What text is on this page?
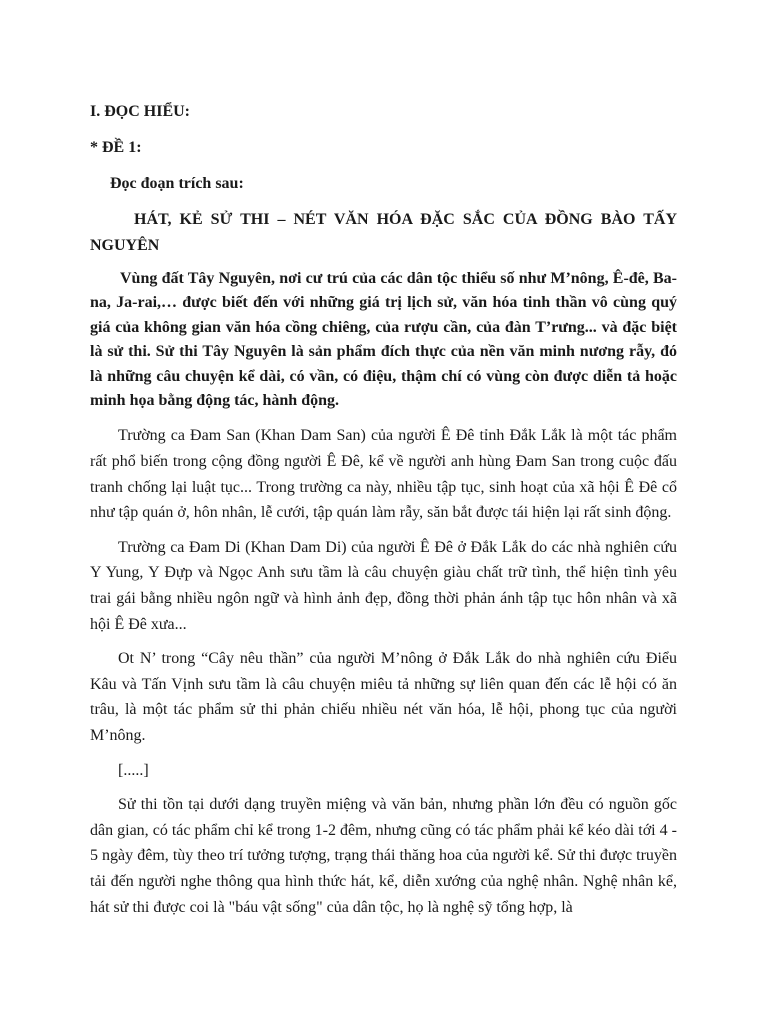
I. ĐỌC HIỂU:

* ĐỀ 1:

Đọc đoạn trích sau:

HÁT, KẺ SỬ THI – NÉT VĂN HÓA ĐẶC SẮC CỦA ĐỒNG BÀO TẤY NGUYÊN

Vùng đất Tây Nguyên, nơi cư trú của các dân tộc thiểu số như M’nông, Ê-đê, Ba-na, Ja-rai,… được biết đến với những giá trị lịch sử, văn hóa tinh thần vô cùng quý giá của không gian văn hóa cồng chiêng, của rượu cần, của đàn T’rưng... và đặc biệt là sử thi. Sử thi Tây Nguyên là sản phẩm đích thực của nền văn minh nương rẫy, đó là những câu chuyện kể dài, có vần, có điệu, thậm chí có vùng còn được diễn tả hoặc minh họa bằng động tác, hành động.

Trường ca Đam San (Khan Dam San) của người Ê Đê tỉnh Đắk Lắk là một tác phẩm rất phổ biến trong cộng đồng người Ê Đê, kể về người anh hùng Đam San trong cuộc đấu tranh chống lại luật tục... Trong trường ca này, nhiều tập tục, sinh hoạt của xã hội Ê Đê cổ như tập quán ở, hôn nhân, lễ cưới, tập quán làm rẫy, săn bắt được tái hiện lại rất sinh động.

Trường ca Đam Di (Khan Dam Di) của người Ê Đê ở Đắk Lắk do các nhà nghiên cứu Y Yung, Y Đựp và Ngọc Anh sưu tầm là câu chuyện giàu chất trữ tình, thể hiện tình yêu trai gái bằng nhiều ngôn ngữ và hình ảnh đẹp, đồng thời phản ánh tập tục hôn nhân và xã hội Ê Đê xưa...

Ot N’ trong “Cây nêu thần” của người M’nông ở Đắk Lắk do nhà nghiên cứu Điểu Kâu và Tấn Vịnh sưu tầm là câu chuyện miêu tả những sự liên quan đến các lễ hội có ăn trâu, là một tác phẩm sử thi phản chiếu nhiều nét văn hóa, lễ hội, phong tục của người M’nông.

[.....]

Sử thi tồn tại dưới dạng truyền miệng và văn bản, nhưng phần lớn đều có nguồn gốc dân gian, có tác phẩm chỉ kể trong 1-2 đêm, nhưng cũng có tác phẩm phải kể kéo dài tới 4 - 5 ngày đêm, tùy theo trí tưởng tượng, trạng thái thăng hoa của người kể. Sử thi được truyền tải đến người nghe thông qua hình thức hát, kể, diễn xướng của nghệ nhân. Nghệ nhân kể, hát sử thi được coi là "báu vật sống" của dân tộc, họ là nghệ sỹ tổng hợp, là
